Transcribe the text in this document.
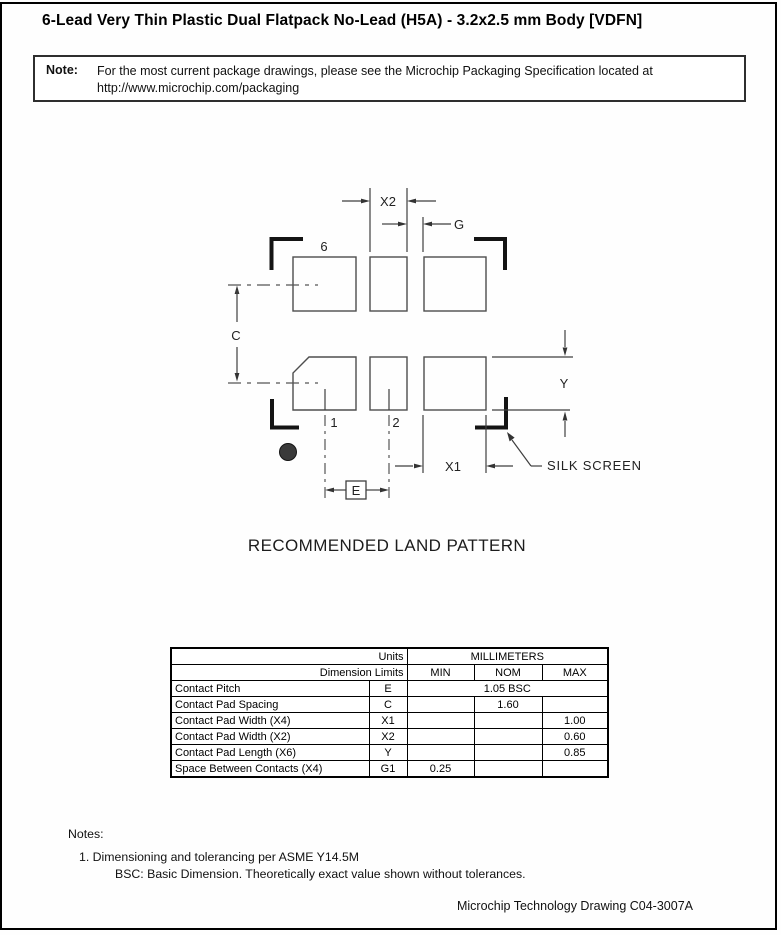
6-Lead Very Thin Plastic Dual Flatpack No-Lead (H5A) - 3.2x2.5 mm Body [VDFN]
Note:	For the most current package drawings, please see the Microchip Packaging Specification located at
http://www.microchip.com/packaging
X2
G
C
Y
X1
E
SILK SCREEN
6
1	2
RECOMMENDED LAND PATTERN
Units		MILLIMETERS		
Dimension Limits		MIN	NOM	MAX
Contact Pitch	E	1.05 BSC		
Contact Pad Spacing	C		1.60	
Contact Pad Width (X4)	X1			1.00
Contact Pad Width (X2)	X2			0.60
Contact Pad Length (X6)	Y			0.85
Space Between Contacts (X4)	G1	0.25		
Notes:
1. Dimensioning and tolerancing per ASME Y14.5M
BSC: Basic Dimension. Theoretically exact value shown without tolerances.
Microchip Technology Drawing C04-3007A
